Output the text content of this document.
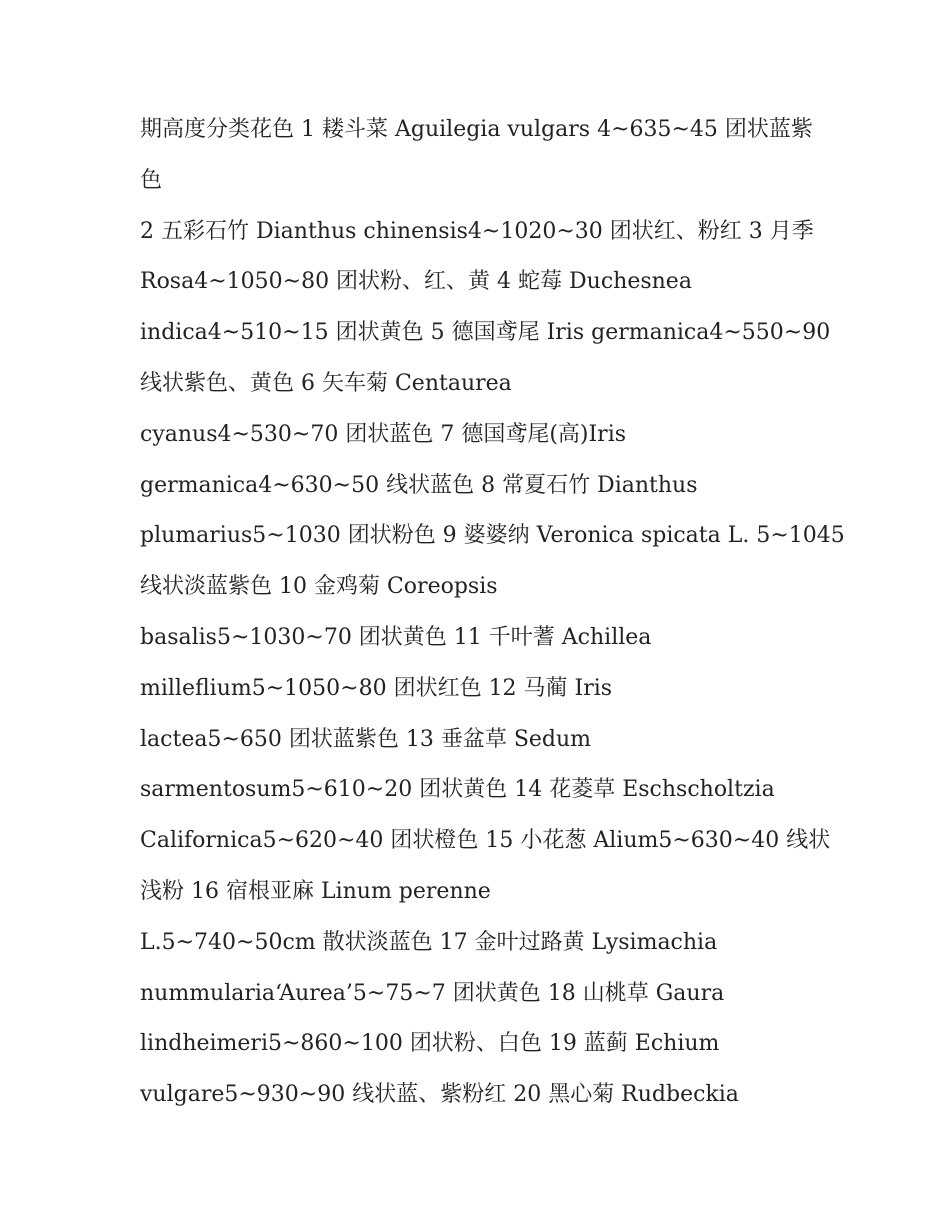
期高度分类花色 1 耧斗菜 Aguilegia vulgars 4~635~45 团状蓝紫
色
2 五彩石竹 Dianthus chinensis4~1020~30 团状红、粉红 3 月季
Rosa4~1050~80 团状粉、红、黄 4 蛇莓 Duchesnea
indica4~510~15 团状黄色 5 德国鸢尾 Iris germanica4~550~90
线状紫色、黄色 6 矢车菊 Centaurea
cyanus4~530~70 团状蓝色 7 德国鸢尾(高)Iris
germanica4~630~50 线状蓝色 8 常夏石竹 Dianthus
plumarius5~1030 团状粉色 9 婆婆纳 Veronica spicata L. 5~1045
线状淡蓝紫色 10 金鸡菊 Coreopsis
basalis5~1030~70 团状黄色 11 千叶蓍 Achillea
milleflium5~1050~80 团状红色 12 马蔺 Iris
lactea5~650 团状蓝紫色 13 垂盆草 Sedum
sarmentosum5~610~20 团状黄色 14 花菱草 Eschscholtzia
Californica5~620~40 团状橙色 15 小花葱 Alium5~630~40 线状
浅粉 16 宿根亚麻 Linum perenne
L.5~740~50cm 散状淡蓝色 17 金叶过路黄 Lysimachia
nummularia‘Aurea’5~75~7 团状黄色 18 山桃草 Gaura
lindheimeri5~860~100 团状粉、白色 19 蓝蓟 Echium
vulgare5~930~90 线状蓝、紫粉红 20 黑心菊 Rudbeckia
